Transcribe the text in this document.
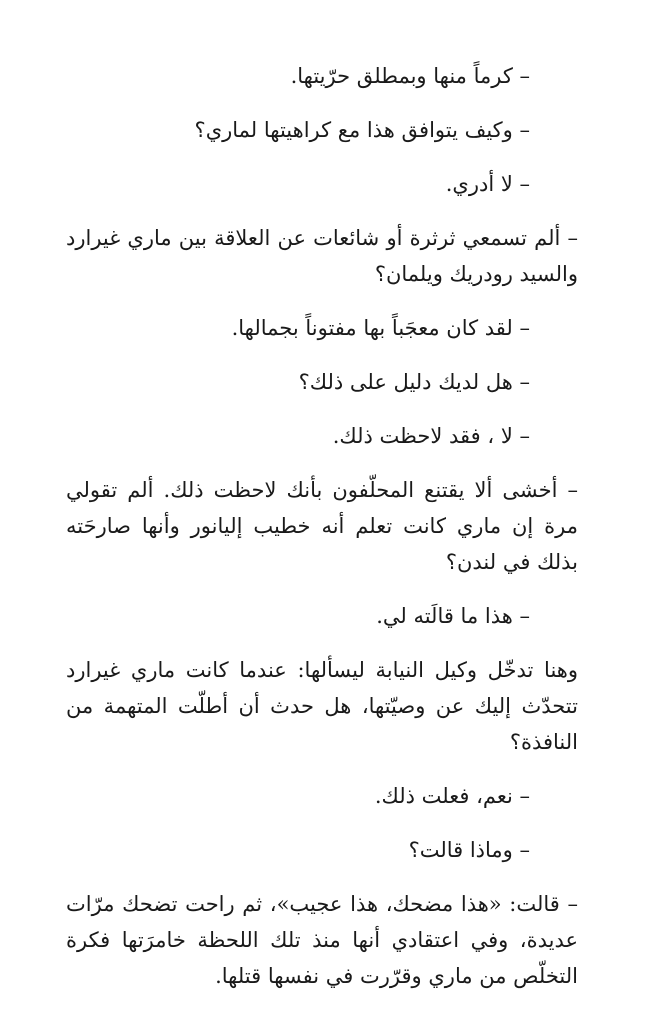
– كرماً منها وبمطلق حرّيتها.

– وكيف يتوافق هذا مع كراهيتها لماري؟

– لا أدري.

– ألم تسمعي ثرثرة أو شائعات عن العلاقة بين ماري غيرارد والسيد رودريك ويلمان؟

– لقد كان معجَباً بها مفتوناً بجمالها.

– هل لديك دليل على ذلك؟

– لا ، فقد لاحظت ذلك.

– أخشى ألا يقتنع المحلّفون بأنك لاحظت ذلك. ألم تقولي مرة إن ماري كانت تعلم أنه خطيب إليانور وأنها صارحَته بذلك في لندن؟

– هذا ما قالَته لي.

وهنا تدخّل وكيل النيابة ليسألها: عندما كانت ماري غيرارد تتحدّث إليك عن وصيّتها، هل حدث أن أطلّت المتهمة من النافذة؟

– نعم، فعلت ذلك.

– وماذا قالت؟

– قالت: «هذا مضحك، هذا عجيب»، ثم راحت تضحك مرّات عديدة، وفي اعتقادي أنها منذ تلك اللحظة خامرَتها فكرة التخلّص من ماري وقرّرت في نفسها قتلها.
